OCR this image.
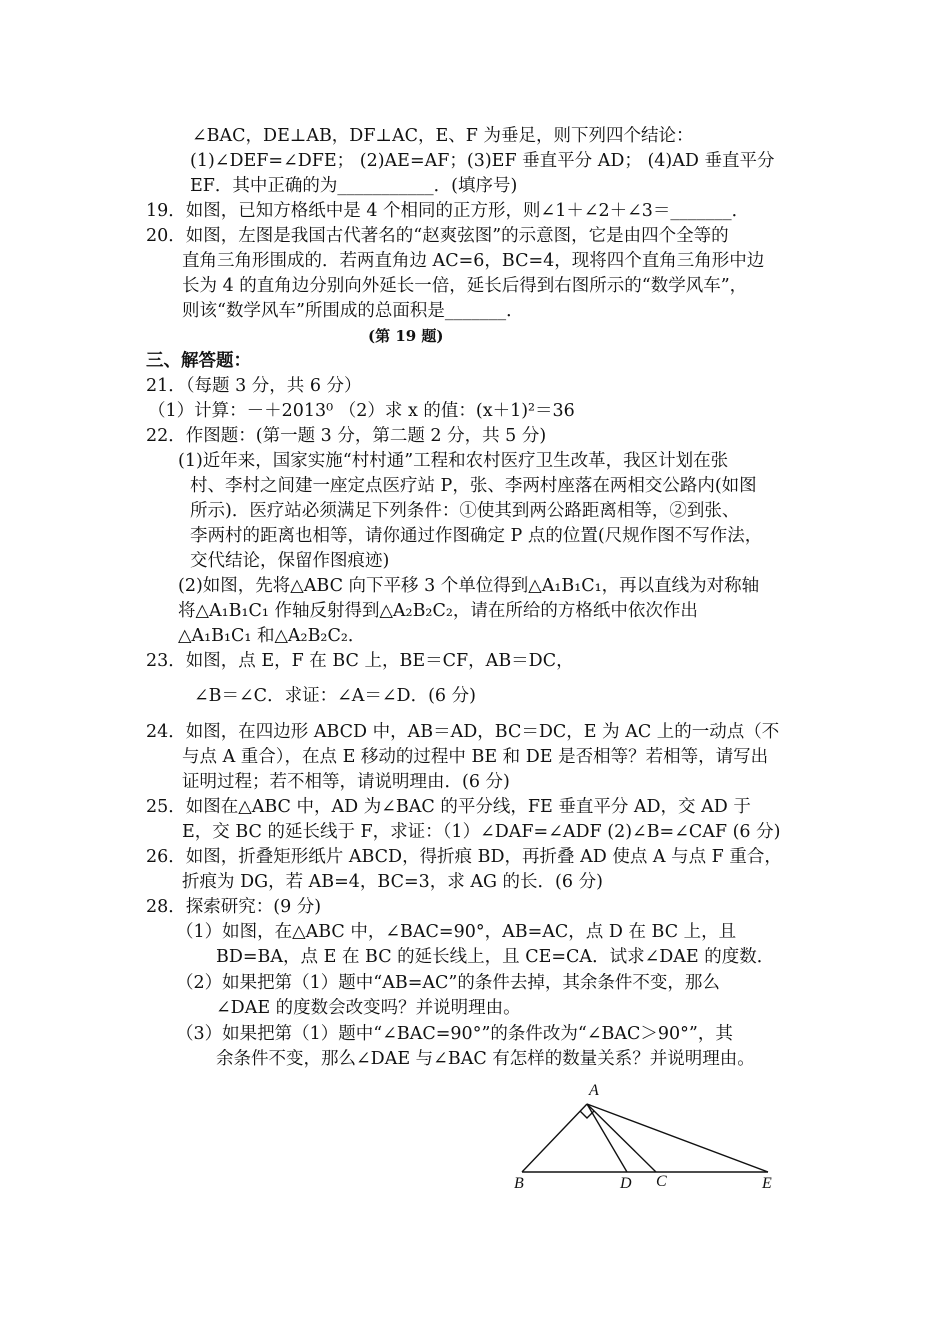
∠BAC，DE⊥AB，DF⊥AC，E、F 为垂足，则下列四个结论：
(1)∠DEF=∠DFE； (2)AE=AF；(3)EF 垂直平分 AD； (4)AD 垂直平分
EF．其中正确的为___________．(填序号)
19．如图，已知方格纸中是 4 个相同的正方形，则∠1＋∠2＋∠3＝_______．
20．如图，左图是我国古代著名的“赵爽弦图”的示意图，它是由四个全等的
直角三角形围成的．若两直角边 AC=6，BC=4，现将四个直角三角形中边
长为 4 的直角边分别向外延长一倍，延长后得到右图所示的“数学风车”，
则该“数学风车”所围成的总面积是_______．
(第 19 题)
三、解答题：
21．（每题 3 分，共 6 分）
（1）计算：－＋2013⁰ （2）求 x 的值：(x＋1)²＝36
22．作图题：(第一题 3 分，第二题 2 分，共 5 分)
(1)近年来，国家实施“村村通”工程和农村医疗卫生改革，我区计划在张
村、李村之间建一座定点医疗站 P，张、李两村座落在两相交公路内(如图
所示)．医疗站必须满足下列条件：①使其到两公路距离相等，②到张、
李两村的距离也相等，请你通过作图确定 P 点的位置(尺规作图不写作法，
交代结论，保留作图痕迹)
(2)如图，先将△ABC 向下平移 3 个单位得到△A₁B₁C₁，再以直线为对称轴
将△A₁B₁C₁ 作轴反射得到△A₂B₂C₂，请在所给的方格纸中依次作出
△A₁B₁C₁ 和△A₂B₂C₂．
23．如图，点 E，F 在 BC 上，BE＝CF，AB＝DC，
∠B＝∠C．求证：∠A＝∠D．(6 分)
24．如图，在四边形 ABCD 中，AB＝AD，BC＝DC，E 为 AC 上的一动点（不
与点 A 重合），在点 E 移动的过程中 BE 和 DE 是否相等？若相等，请写出
证明过程；若不相等，请说明理由．(6 分)
25．如图在△ABC 中，AD 为∠BAC 的平分线，FE 垂直平分 AD，交 AD 于
E，交 BC 的延长线于 F，求证：（1）∠DAF=∠ADF (2)∠B=∠CAF (6 分)
26．如图，折叠矩形纸片 ABCD，得折痕 BD，再折叠 AD 使点 A 与点 F 重合，
折痕为 DG，若 AB=4，BC=3，求 AG 的长．(6 分)
28．探索研究：(9 分)
（1）如图，在△ABC 中，∠BAC=90°，AB=AC，点 D 在 BC 上，且
BD=BA，点 E 在 BC 的延长线上，且 CE=CA．试求∠DAE 的度数．
（2）如果把第（1）题中“AB=AC”的条件去掉，其余条件不变，那么
∠DAE 的度数会改变吗？并说明理由。
（3）如果把第（1）题中“∠BAC=90°”的条件改为“∠BAC＞90°”，其
余条件不变，那么∠DAE 与∠BAC 有怎样的数量关系？并说明理由。
A
B	D C	E
